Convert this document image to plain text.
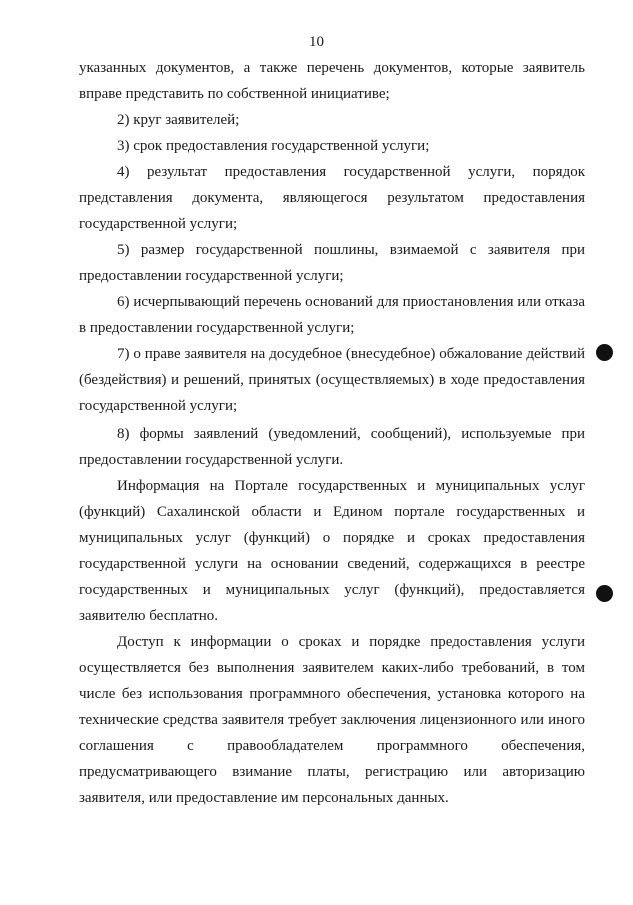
10
указанных документов, а также перечень документов, которые заявитель
вправе представить по собственной инициативе;
2) круг заявителей;
3) срок предоставления государственной услуги;
4) результат предоставления государственной услуги, порядок
представления документа, являющегося результатом предоставления
государственной услуги;
5) размер государственной пошлины, взимаемой с заявителя при
предоставлении государственной услуги;
6) исчерпывающий перечень оснований для приостановления или отказа
в предоставлении государственной услуги;
7) о праве заявителя на досудебное (внесудебное) обжалование действий
(бездействия) и решений, принятых (осуществляемых) в ходе предоставления
государственной услуги;
8) формы заявлений (уведомлений, сообщений), используемые при
предоставлении государственной услуги.
Информация на Портале государственных и муниципальных услуг
(функций) Сахалинской области и Едином портале государственных и
муниципальных услуг (функций) о порядке и сроках предоставления
государственной услуги на основании сведений, содержащихся в реестре
государственных и муниципальных услуг (функций), предоставляется
заявителю бесплатно.
Доступ к информации о сроках и порядке предоставления услуги
осуществляется без выполнения заявителем каких-либо требований, в том
числе без использования программного обеспечения, установка которого на
технические средства заявителя требует заключения лицензионного или иного
соглашения с правообладателем программного обеспечения,
предусматривающего взимание платы, регистрацию или авторизацию
заявителя, или предоставление им персональных данных.
